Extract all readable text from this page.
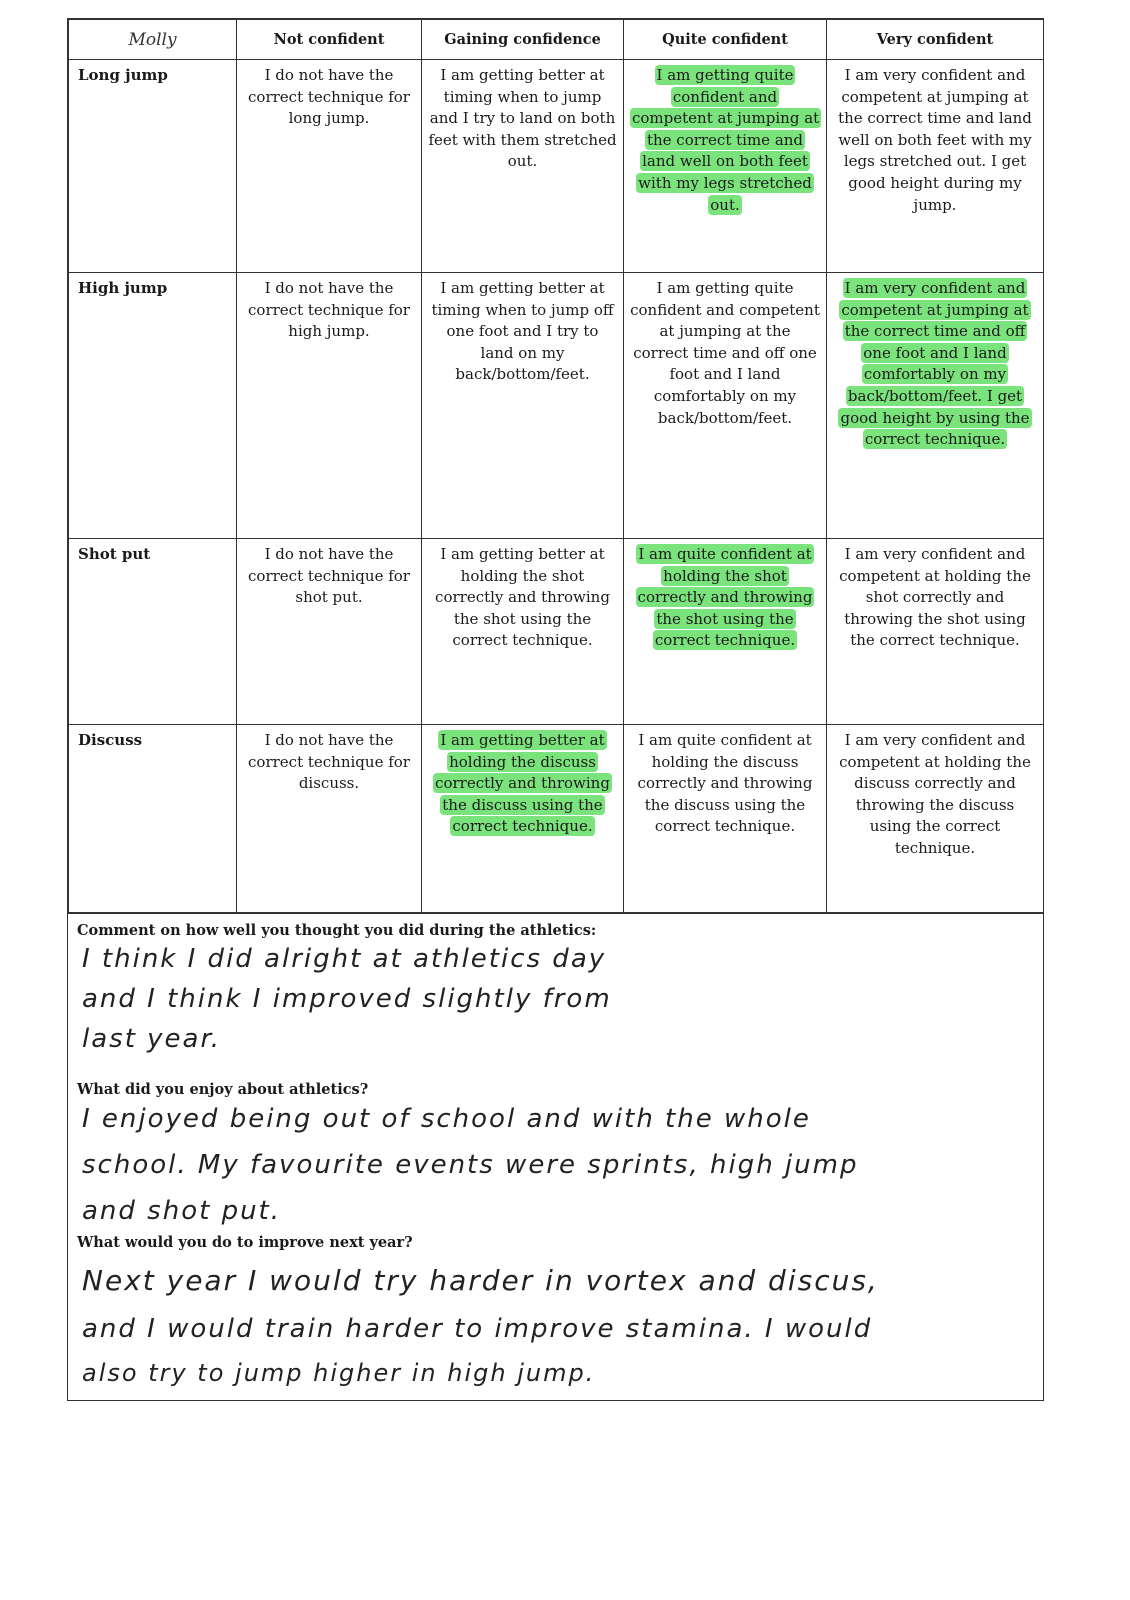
Molly	Not confident	Gaining confidence	Quite confident	Very confident
Long jump	I do not have the correct technique for long jump.	I am getting better at timing when to jump and I try to land on both feet with them stretched out.	I am getting quite confident and competent at jumping at the correct time and land well on both feet with my legs stretched out.	I am very confident and competent at jumping at the correct time and land well on both feet with my legs stretched out. I get good height during my jump.
High jump	I do not have the correct technique for high jump.	I am getting better at timing when to jump off one foot and I try to land on my back/bottom/feet.	I am getting quite confident and competent at jumping at the correct time and off one foot and I land comfortably on my back/bottom/feet.	I am very confident and competent at jumping at the correct time and off one foot and I land comfortably on my back/bottom/feet. I get good height by using the correct technique.
Shot put	I do not have the correct technique for shot put.	I am getting better at holding the shot correctly and throwing the shot using the correct technique.	I am quite confident at holding the shot correctly and throwing the shot using the correct technique.	I am very confident and competent at holding the shot correctly and throwing the shot using the correct technique.
Discuss	I do not have the correct technique for discuss.	I am getting better at holding the discuss correctly and throwing the discuss using the correct technique.	I am quite confident at holding the discuss correctly and throwing the discuss using the correct technique.	I am very confident and competent at holding the discuss correctly and throwing the discuss using the correct technique.
Comment on how well you thought you did during the athletics:
I think I did alright at athletics day
and I think I improved slightly from
last year.
What did you enjoy about athletics?
I enjoyed being out of school and with the whole
school. My favourite events were sprints, high jump
and shot put.
What would you do to improve next year?
Next year I would try harder in vortex and discus,
and I would train harder to improve stamina. I would
also try to jump higher in high jump.
